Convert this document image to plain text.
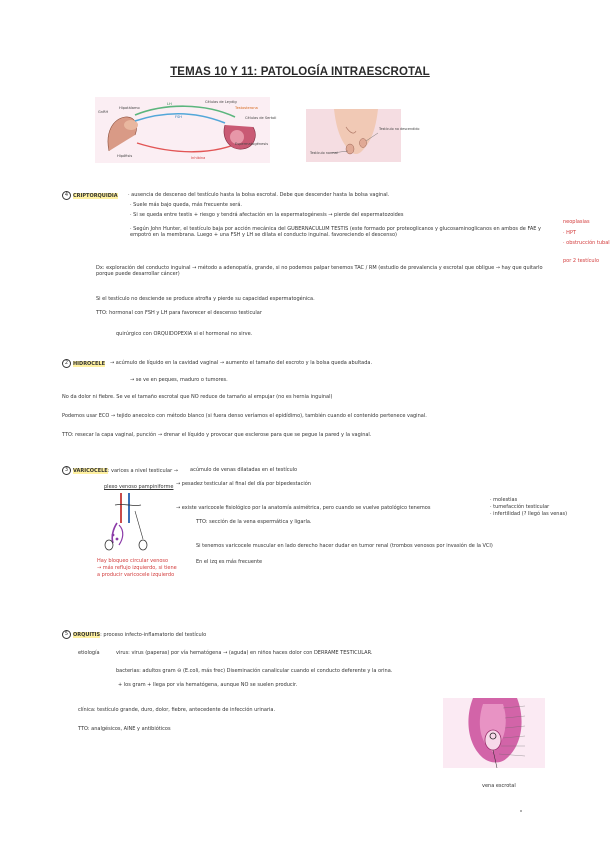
TEMAS 10 Y 11: PATOLOGÍA INTRAESCROTAL
GnRH
Hipotálamo
Hipófisis
LH
FSH
Células de Leydig
Testosterona
Células de Sertoli
Espermatogénesis
Inhibina
Testículo no descendido
Testículo normal
4 CRIPTORQUIDIA · ausencia de descenso del testículo hasta la bolsa escrotal. Debe que descender hasta la bolsa vaginal.
· Suele más bajo queda, más frecuente será.
· Si se queda entre testis + riesgo y tendrá afectación en la espermatogénesis → pierde del espermatozoides
· Según John Hunter, el testículo baja por acción mecánica del GUBERNACULUM TESTIS (este formado por proteoglicanos y glucosaminoglicanos en ambos de FAE y empotró en la membrana. Luego + una FSH y LH se dilata el conducto inguinal. favoreciendo el descenso)
Dx: exploración del conducto inguinal → método a adenopatía, grande, si no podemos palpar tenemos TAC / RM (estudio de prevalencia y escrotal que obligue → hay que quitarlo porque puede desarrollar cáncer)
Si el testículo no desciende se produce atrofia y pierde su capacidad espermatogénica.
TTO: hormonal con FSH y LH para favorecer el descenso testicular
quirúrgico con ORQUIDOPEXIA si el hormonal no sirve.
neoplasias
· HPT
· obstrucción tubal
por 2 testículo
2 HIDROCELE → acúmulo de líquido en la cavidad vaginal → aumento el tamaño del escroto y la bolsa queda abultada.
→ se ve en peques, maduro o tumores.
No da dolor ni fiebre. Se ve el tamaño escrotal que NO reduce de tamaño al empujar (no es hernia inguinal)
Podemos usar ECO → tejido anecoico con método blanco (si fuera denso veríamos el epidídimo), también cuando el contenido pertenece vaginal.
TTO: resecar la capa vaginal, punción → drenar el líquido y provocar que esclerose para que se pegue la pared y la vaginal.
3 VARICOCELE: varices a nivel testicular →
plexo venoso pampiniforme
Hay bloqueo circular venoso
→ más reflujo izquierdo, si tiene
a producir varicocele izquierdo
acúmulo de venas dilatadas en el testículo
→ pesadez testicular al final del día por bipedestación
→ existe varicocele fisiológico por la anatomía asimétrica, pero cuando se vuelve patológico tenemos
TTO: sección de la vena espermática y ligarla.
· molestias
· tumefacción testicular
· infertilidad (? llegó las venas)
Si tenemos varicocele muscular en lado derecho hacer dudar en tumor renal (trombos venosos por invasión de la VCI)
En el izq es más frecuente
5 ORQUITIS: proceso infecto-inflamatorio del testículo
etiología	virus: virus (paperas) por vía hematógena → (aguda) en niños haces dolor con DERRAME TESTICULAR.
bacterias: adultos gram ⊖ (E.coli, más frec) Diseminación canalicular cuando el conducto deferente y la orina.
+ los gram + llega por vía hematógena, aunque NO se suelen producir.
clínica: testículo grande, duro, dolor, fiebre, antecedente de infección urinaria.
TTO: analgésicos, AINE y antibióticos
vena escrotal
